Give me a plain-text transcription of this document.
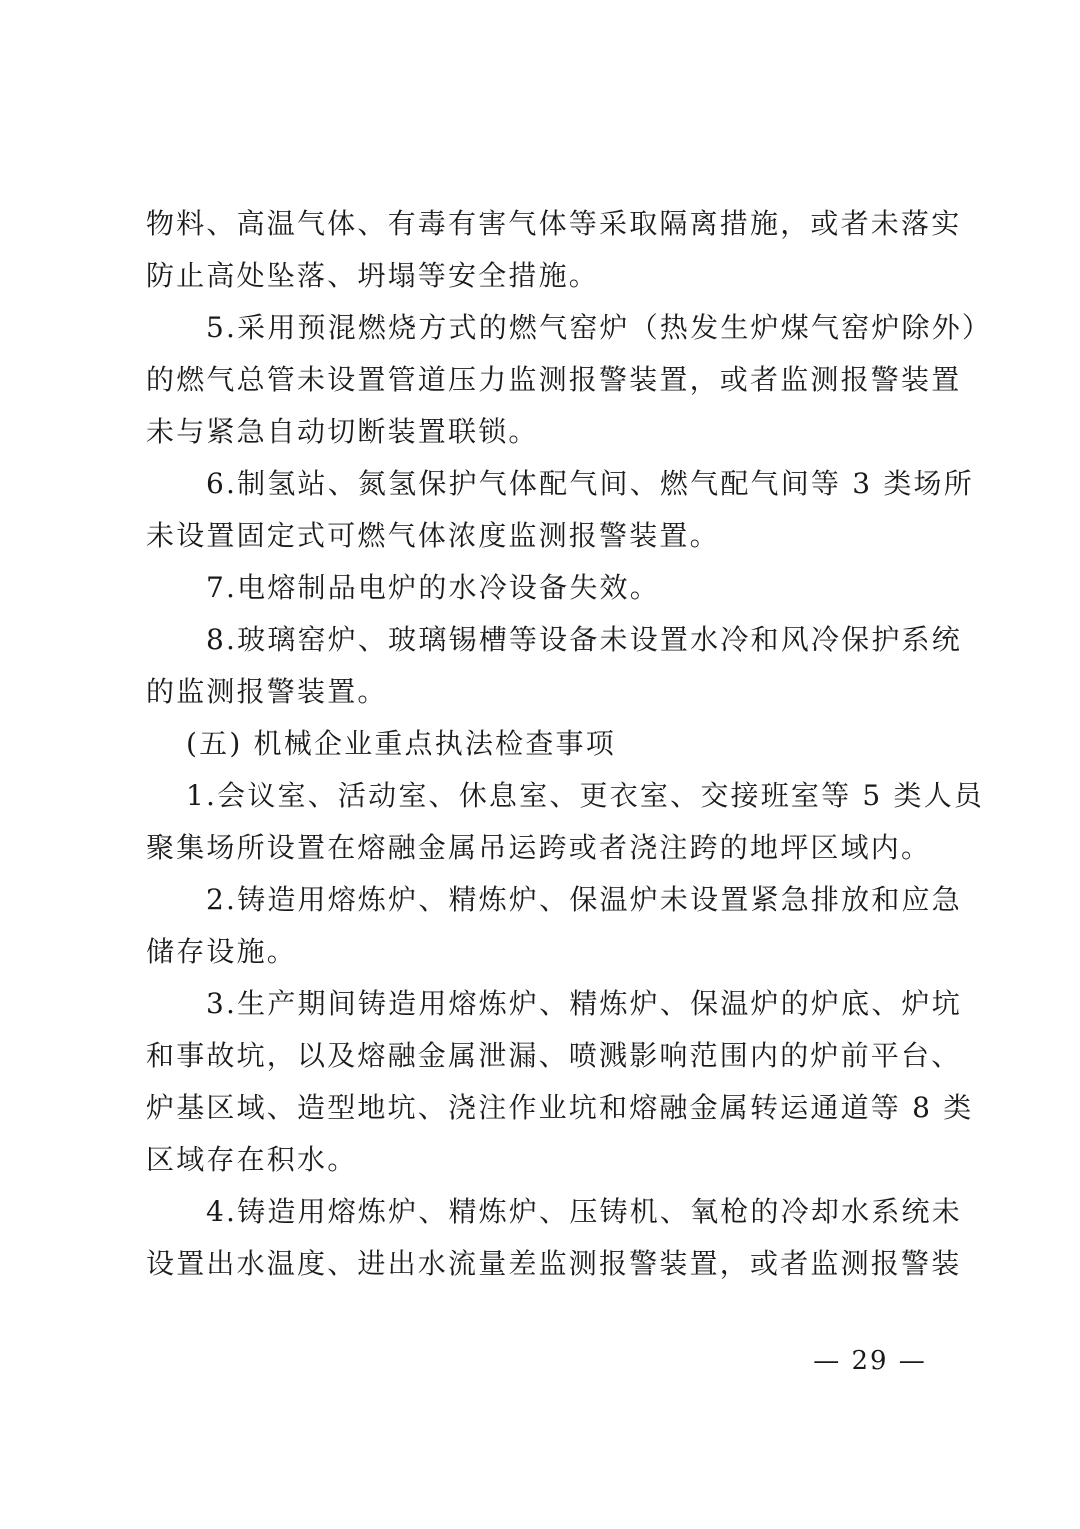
物料、高温气体、有毒有害气体等采取隔离措施，或者未落实
防止高处坠落、坍塌等安全措施。
5.采用预混燃烧方式的燃气窑炉（热发生炉煤气窑炉除外）
的燃气总管未设置管道压力监测报警装置，或者监测报警装置
未与紧急自动切断装置联锁。
6.制氢站、氮氢保护气体配气间、燃气配气间等 3 类场所
未设置固定式可燃气体浓度监测报警装置。
7.电熔制品电炉的水冷设备失效。
8.玻璃窑炉、玻璃锡槽等设备未设置水冷和风冷保护系统
的监测报警装置。
(五) 机械企业重点执法检查事项
1.会议室、活动室、休息室、更衣室、交接班室等 5 类人员
聚集场所设置在熔融金属吊运跨或者浇注跨的地坪区域内。
2.铸造用熔炼炉、精炼炉、保温炉未设置紧急排放和应急
储存设施。
3.生产期间铸造用熔炼炉、精炼炉、保温炉的炉底、炉坑
和事故坑，以及熔融金属泄漏、喷溅影响范围内的炉前平台、
炉基区域、造型地坑、浇注作业坑和熔融金属转运通道等 8 类
区域存在积水。
4.铸造用熔炼炉、精炼炉、压铸机、氧枪的冷却水系统未
设置出水温度、进出水流量差监测报警装置，或者监测报警装
— 29 —
